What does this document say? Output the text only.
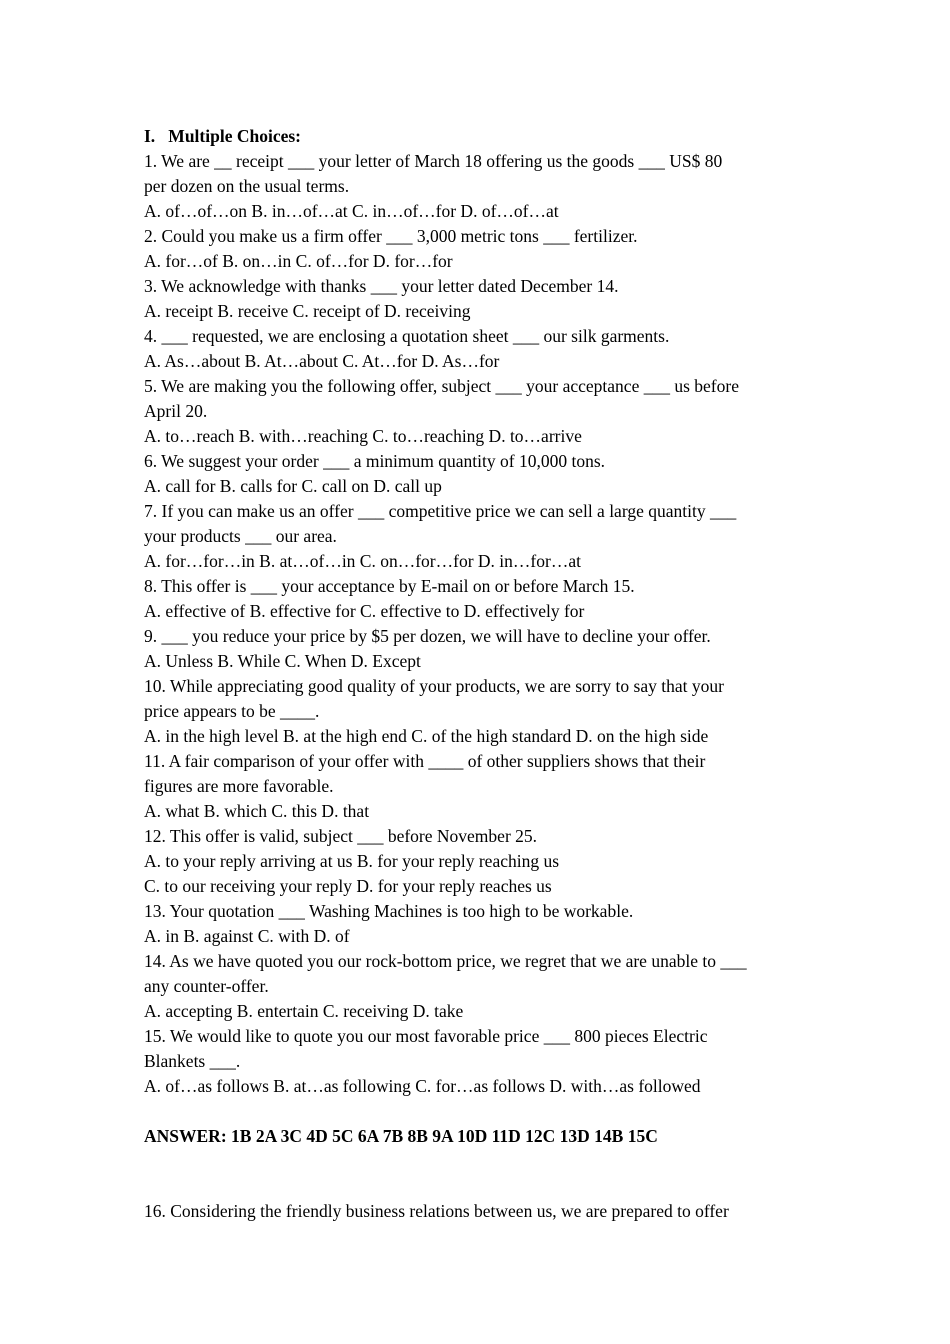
I.   Multiple Choices:
1. We are __ receipt ___ your letter of March 18 offering us the goods ___ US$ 80
per dozen on the usual terms.
A. of…of…on B. in…of…at C. in…of…for D. of…of…at
2. Could you make us a firm offer ___ 3,000 metric tons ___ fertilizer.
A. for…of B. on…in C. of…for D. for…for
3. We acknowledge with thanks ___ your letter dated December 14.
A. receipt B. receive C. receipt of D. receiving
4. ___ requested, we are enclosing a quotation sheet ___ our silk garments.
A. As…about B. At…about C. At…for D. As…for
5. We are making you the following offer, subject ___ your acceptance ___ us before
April 20.
A. to…reach B. with…reaching C. to…reaching D. to…arrive
6. We suggest your order ___ a minimum quantity of 10,000 tons.
A. call for B. calls for C. call on D. call up
7. If you can make us an offer ___ competitive price we can sell a large quantity ___
your products ___ our area.
A. for…for…in B. at…of…in C. on…for…for D. in…for…at
8. This offer is ___ your acceptance by E-mail on or before March 15.
A. effective of B. effective for C. effective to D. effectively for
9. ___ you reduce your price by $5 per dozen, we will have to decline your offer.
A. Unless B. While C. When D. Except
10. While appreciating good quality of your products, we are sorry to say that your
price appears to be ____.
A. in the high level B. at the high end C. of the high standard D. on the high side
11. A fair comparison of your offer with ____ of other suppliers shows that their
figures are more favorable.
A. what B. which C. this D. that
12. This offer is valid, subject ___ before November 25.
A. to your reply arriving at us B. for your reply reaching us
C. to our receiving your reply D. for your reply reaches us
13. Your quotation ___ Washing Machines is too high to be workable.
A. in B. against C. with D. of
14. As we have quoted you our rock-bottom price, we regret that we are unable to ___
any counter-offer.
A. accepting B. entertain C. receiving D. take
15. We would like to quote you our most favorable price ___ 800 pieces Electric
Blankets ___.
A. of…as follows B. at…as following C. for…as follows D. with…as followed
ANSWER: 1B 2A 3C 4D 5C 6A 7B 8B 9A 10D 11D 12C 13D 14B 15C
16. Considering the friendly business relations between us, we are prepared to offer
